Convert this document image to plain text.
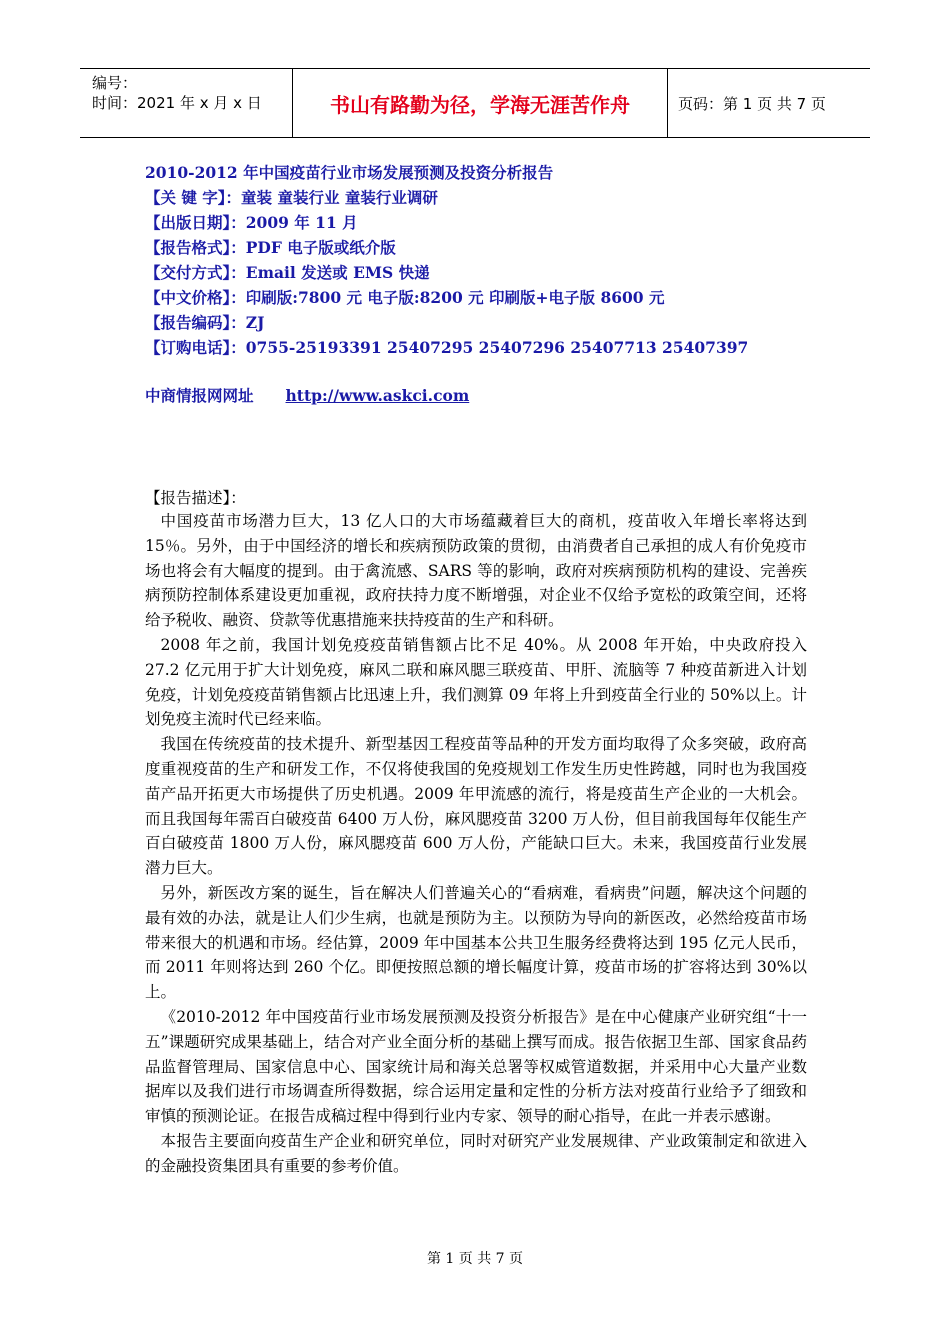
编号：
时间：2021 年 x 月 x 日	书山有路勤为径，学海无涯苦作舟	页码：第 1 页 共 7 页
2010-2012 年中国疫苗行业市场发展预测及投资分析报告
【关 键 字】：童装 童装行业 童装行业调研
【出版日期】：2009 年 11 月
【报告格式】：PDF 电子版或纸介版
【交付方式】：Email 发送或 EMS 快递
【中文价格】：印刷版:7800 元 电子版:8200 元 印刷版+电子版 8600 元
【报告编码】：ZJ
【订购电话】：0755-25193391 25407295 25407296 25407713 25407397
中商情报网网址 http://www.askci.com
【报告描述】：

中国疫苗市场潜力巨大，13 亿人口的大市场蕴藏着巨大的商机，疫苗收入年增长率将达到 15％。另外，由于中国经济的增长和疾病预防政策的贯彻，由消费者自己承担的成人有价免疫市场也将会有大幅度的提到。由于禽流感、SARS 等的影响，政府对疾病预防机构的建设、完善疾病预防控制体系建设更加重视，政府扶持力度不断增强，对企业不仅给予宽松的政策空间，还将给予税收、融资、贷款等优惠措施来扶持疫苗的生产和科研。

2008 年之前，我国计划免疫疫苗销售额占比不足 40%。从 2008 年开始，中央政府投入 27.2 亿元用于扩大计划免疫，麻风二联和麻风腮三联疫苗、甲肝、流脑等 7 种疫苗新进入计划免疫，计划免疫疫苗销售额占比迅速上升，我们测算 09 年将上升到疫苗全行业的 50%以上。计划免疫主流时代已经来临。

我国在传统疫苗的技术提升、新型基因工程疫苗等品种的开发方面均取得了众多突破，政府高度重视疫苗的生产和研发工作，不仅将使我国的免疫规划工作发生历史性跨越，同时也为我国疫苗产品开拓更大市场提供了历史机遇。2009 年甲流感的流行，将是疫苗生产企业的一大机会。而且我国每年需百白破疫苗 6400 万人份，麻风腮疫苗 3200 万人份，但目前我国每年仅能生产百白破疫苗 1800 万人份，麻风腮疫苗 600 万人份，产能缺口巨大。未来，我国疫苗行业发展潜力巨大。

另外，新医改方案的诞生，旨在解决人们普遍关心的“看病难，看病贵”问题，解决这个问题的最有效的办法，就是让人们少生病，也就是预防为主。以预防为导向的新医改，必然给疫苗市场带来很大的机遇和市场。经估算，2009 年中国基本公共卫生服务经费将达到 195 亿元人民币，而 2011 年则将达到 260 个亿。即便按照总额的增长幅度计算，疫苗市场的扩容将达到 30%以上。

《2010-2012 年中国疫苗行业市场发展预测及投资分析报告》是在中心健康产业研究组“十一五”课题研究成果基础上，结合对产业全面分析的基础上撰写而成。报告依据卫生部、国家食品药品监督管理局、国家信息中心、国家统计局和海关总署等权威管道数据，并采用中心大量产业数据库以及我们进行市场调查所得数据，综合运用定量和定性的分析方法对疫苗行业给予了细致和审慎的预测论证。在报告成稿过程中得到行业内专家、领导的耐心指导，在此一并表示感谢。

本报告主要面向疫苗生产企业和研究单位，同时对研究产业发展规律、产业政策制定和欲进入的金融投资集团具有重要的参考价值。

第 1 页 共 7 页
